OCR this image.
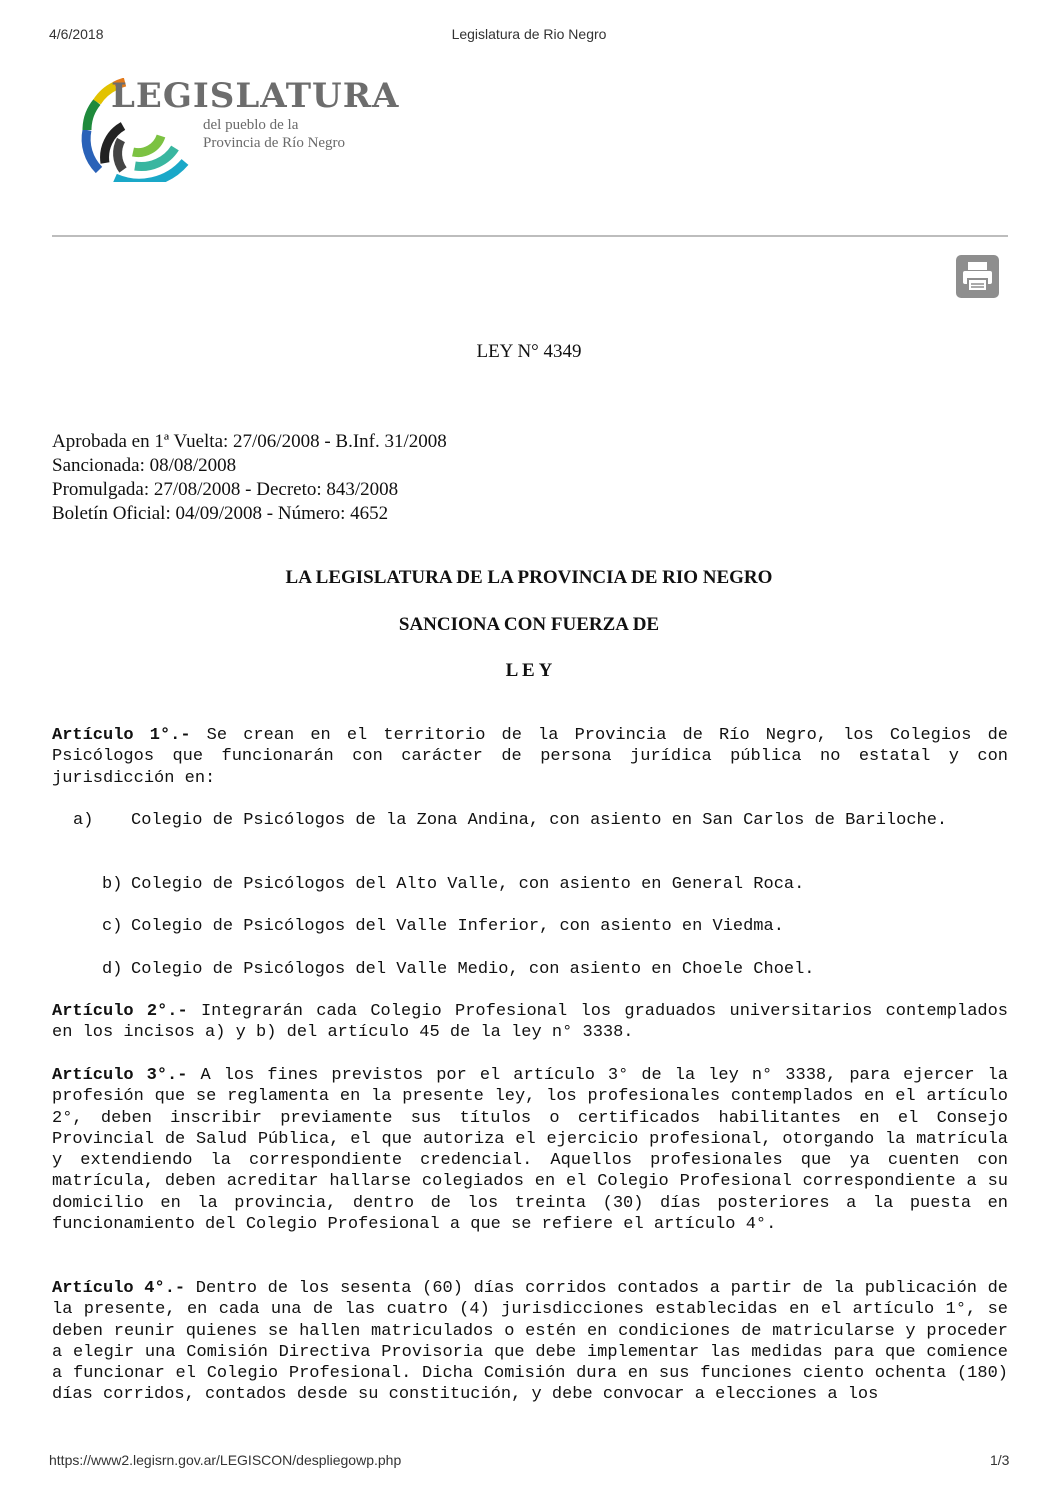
4/6/2018	Legislatura de Rio Negro
LEGISLATURA
del pueblo de la
Provincia de Río Negro
LEY N° 4349
Aprobada en 1ª Vuelta: 27/06/2008 - B.Inf. 31/2008
Sancionada: 08/08/2008
Promulgada: 27/08/2008 - Decreto: 843/2008
Boletín Oficial: 04/09/2008 - Número: 4652
LA LEGISLATURA DE LA PROVINCIA DE RIO NEGRO
SANCIONA CON FUERZA DE
L E Y
Artículo 1°.- Se crean en el territorio de la Provincia de Río Negro, los Colegios de Psicólogos que funcionarán con carácter de persona jurídica pública no estatal y con jurisdicción en:
a) Colegio de Psicólogos de la Zona Andina, con asiento en San Carlos de Bariloche.
b) Colegio de Psicólogos del Alto Valle, con asiento en General Roca.
c) Colegio de Psicólogos del Valle Inferior, con asiento en Viedma.
d) Colegio de Psicólogos del Valle Medio, con asiento en Choele Choel.
Artículo 2°.- Integrarán cada Colegio Profesional los graduados universitarios contemplados en los incisos a) y b) del artículo 45 de la ley n° 3338.
Artículo 3°.- A los fines previstos por el artículo 3° de la ley n° 3338, para ejercer la profesión que se reglamenta en la presente ley, los profesionales contemplados en el artículo 2°, deben inscribir previamente sus títulos o certificados habilitantes en el Consejo Provincial de Salud Pública, el que autoriza el ejercicio profesional, otorgando la matrícula y extendiendo la correspondiente credencial. Aquellos profesionales que ya cuenten con matrícula, deben acreditar hallarse colegiados en el Colegio Profesional correspondiente a su domicilio en la provincia, dentro de los treinta (30) días posteriores a la puesta en funcionamiento del Colegio Profesional a que se refiere el artículo 4°.
Artículo 4°.- Dentro de los sesenta (60) días corridos contados a partir de la publicación de la presente, en cada una de las cuatro (4) jurisdicciones establecidas en el artículo 1°, se deben reunir quienes se hallen matriculados o estén en condiciones de matricularse y proceder a elegir una Comisión Directiva Provisoria que debe implementar las medidas para que comience a funcionar el Colegio Profesional. Dicha Comisión dura en sus funciones ciento ochenta (180) días corridos, contados desde su constitución, y debe convocar a elecciones a los
https://www2.legisrn.gov.ar/LEGISCON/despliegowp.php	1/3
